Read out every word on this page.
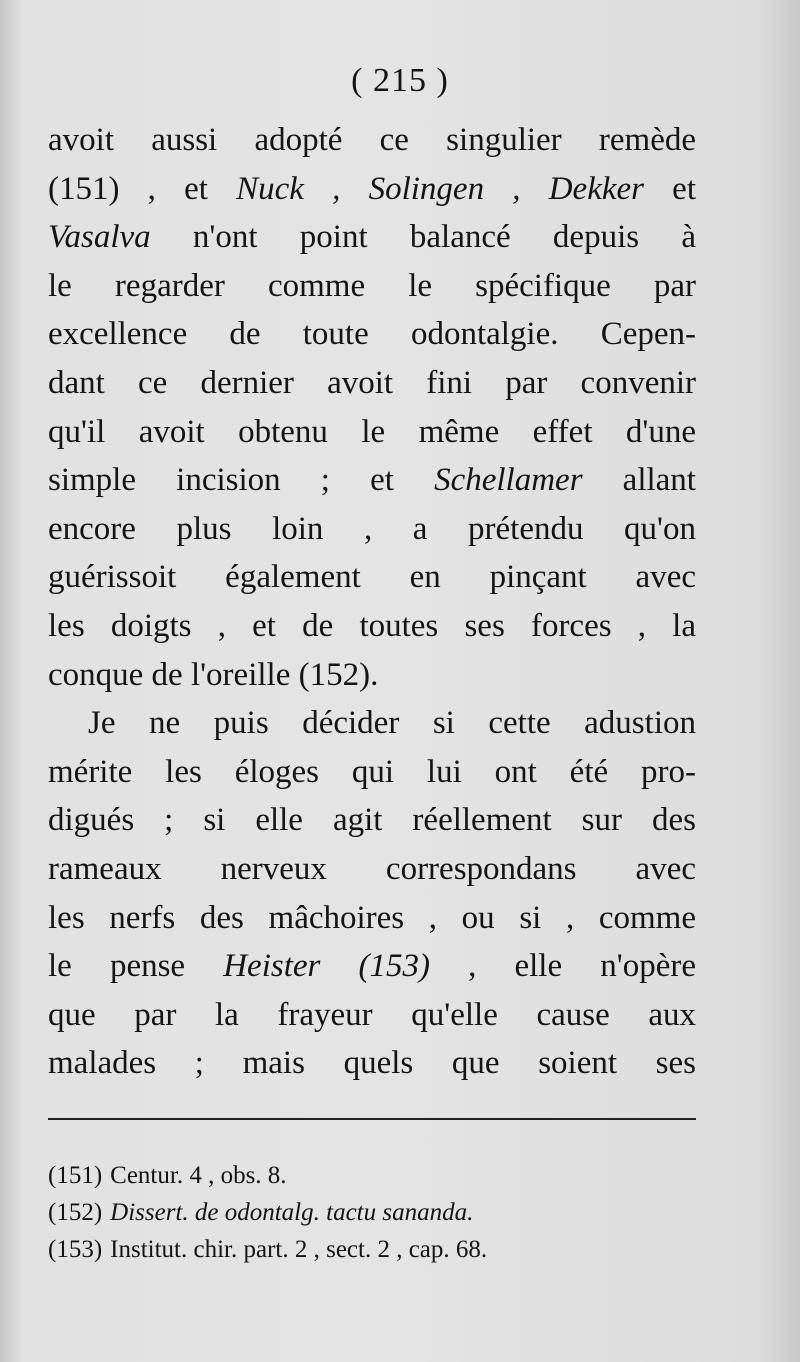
( 215 )
avoit aussi adopté ce singulier remède
(151) , et Nuck , Solingen , Dekker et
Vasalva n'ont point balancé depuis à
le regarder comme le spécifique par
excellence de toute odontalgie. Cepen-
dant ce dernier avoit fini par convenir
qu'il avoit obtenu le même effet d'une
simple incision ; et Schellamer allant
encore plus loin , a prétendu qu'on
guérissoit également en pinçant avec
les doigts , et de toutes ses forces , la
conque de l'oreille (152).
Je ne puis décider si cette adustion
mérite les éloges qui lui ont été pro-
digués ; si elle agit réellement sur des
rameaux nerveux correspondans avec
les nerfs des mâchoires , ou si , comme
le pense Heister (153) , elle n'opère
que par la frayeur qu'elle cause aux
malades ; mais quels que soient ses
(151) Centur. 4 , obs. 8.
(152) Dissert. de odontalg. tactu sananda.
(153) Institut. chir. part. 2 , sect. 2 , cap. 68.
